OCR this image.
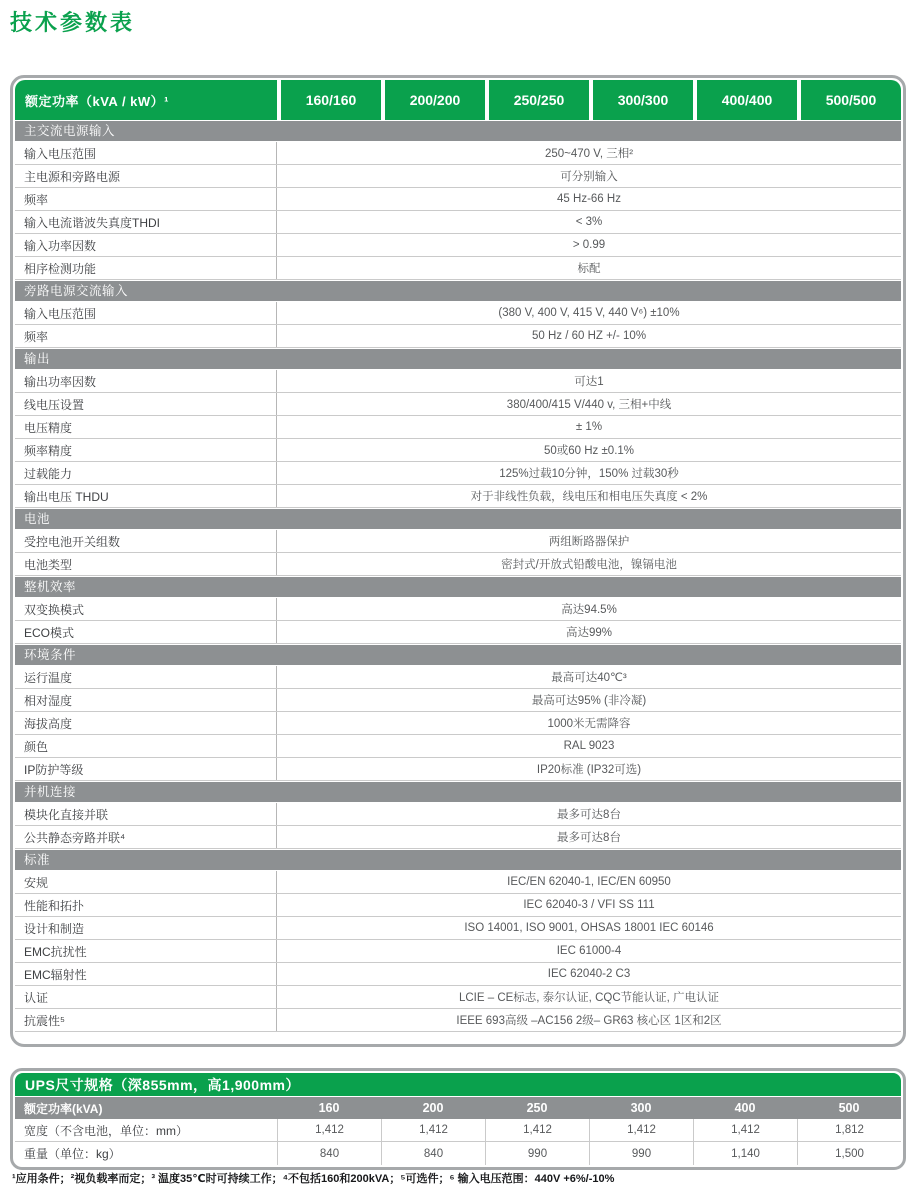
技术参数表
额定功率（kVA / kW）¹	160/160	200/200	250/250	300/300	400/400	500/500
主交流电源输入
输入电压范围	250~470 V, 三相²
主电源和旁路电源	可分别输入
频率	45 Hz-66 Hz
输入电流谐波失真度THDI	< 3%
输入功率因数	> 0.99
相序检测功能	标配
旁路电源交流输入
输入电压范围	(380 V, 400 V, 415 V, 440 V⁶) ±10%
频率	50 Hz / 60 HZ +/- 10%
输出
输出功率因数	可达1
线电压设置	380/400/415 V/440 v, 三相+中线
电压精度	± 1%
频率精度	50或60 Hz ±0.1%
过载能力	125%过载10分钟，150% 过载30秒
输出电压 THDU	对于非线性负载，线电压和相电压失真度 < 2%
电池
受控电池开关组数	两组断路器保护
电池类型	密封式/开放式铅酸电池，镍镉电池
整机效率
双变换模式	高达94.5%
ECO模式	高达99%
环境条件
运行温度	最高可达40℃³
相对湿度	最高可达95% (非冷凝)
海拔高度	1000米无需降容
颜色	RAL 9023
IP防护等级	IP20标准 (IP32可选)
并机连接
模块化直接并联	最多可达8台
公共静态旁路并联⁴	最多可达8台
标准
安规	IEC/EN 62040-1, IEC/EN 60950
性能和拓扑	IEC 62040-3 / VFI SS 111
设计和制造	ISO 14001, ISO 9001, OHSAS 18001 IEC 60146
EMC抗扰性	IEC 61000-4
EMC辐射性	IEC 62040-2 C3
认证	LCIE – CE标志, 泰尔认证, CQC节能认证, 广电认证
抗震性⁵	IEEE 693高级 –AC156 2级– GR63 核心区 1区和2区
UPS尺寸规格（深855mm，高1,900mm）
额定功率(kVA)	160	200	250	300	400	500
宽度（不含电池，单位：mm）	1,412	1,412	1,412	1,412	1,412	1,812
重量（单位：kg）	840	840	990	990	1,140	1,500
¹应用条件；²视负载率而定；³ 温度35℃时可持续工作；⁴不包括160和200kVA；⁵可选件；⁶ 输入电压范围：440V +6%/-10%
